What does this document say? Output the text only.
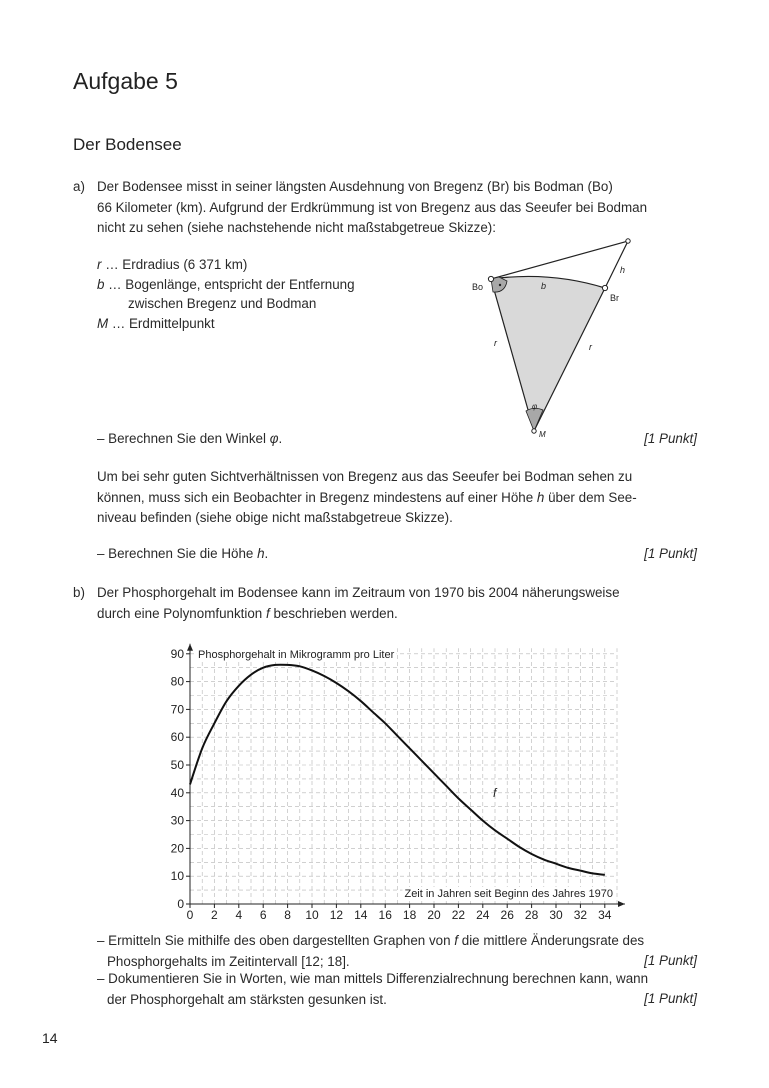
Aufgabe 5
Der Bodensee
a) Der Bodensee misst in seiner längsten Ausdehnung von Bregenz (Br) bis Bodman (Bo)
66 Kilometer (km). Aufgrund der Erdkrümmung ist von Bregenz aus das Seeufer bei Bodman
nicht zu sehen (siehe nachstehende nicht maßstabgetreue Skizze):
r … Erdradius (6 371 km)
b … Bogenlänge, entspricht der Entfernung
zwischen Bregenz und Bodman
M … Erdmittelpunkt
Bo
Br
b
h
r	r
φ
M
– Berechnen Sie den Winkel φ.	[1 Punkt]
Um bei sehr guten Sichtverhältnissen von Bregenz aus das Seeufer bei Bodman sehen zu
können, muss sich ein Beobachter in Bregenz mindestens auf einer Höhe h über dem See-
niveau befinden (siehe obige nicht maßstabgetreue Skizze).
– Berechnen Sie die Höhe h.	[1 Punkt]
b) Der Phosphorgehalt im Bodensee kann im Zeitraum von 1970 bis 2004 näherungsweise
durch eine Polynomfunktion f beschrieben werden.
0 2 4 6 8 10 12 14 16 18 20 22 24 26 28 30 32 34
0
10
20
30
40
50
60
70
80
90 Phosphorgehalt in Mikrogramm pro Liter
Zeit in Jahren seit Beginn des Jahres 1970
f
– Ermitteln Sie mithilfe des oben dargestellten Graphen von f die mittlere Änderungsrate des
Phosphorgehalts im Zeitintervall [12; 18].	[1 Punkt]
– Dokumentieren Sie in Worten, wie man mittels Differenzialrechnung berechnen kann, wann
der Phosphorgehalt am stärksten gesunken ist.	[1 Punkt]
14
